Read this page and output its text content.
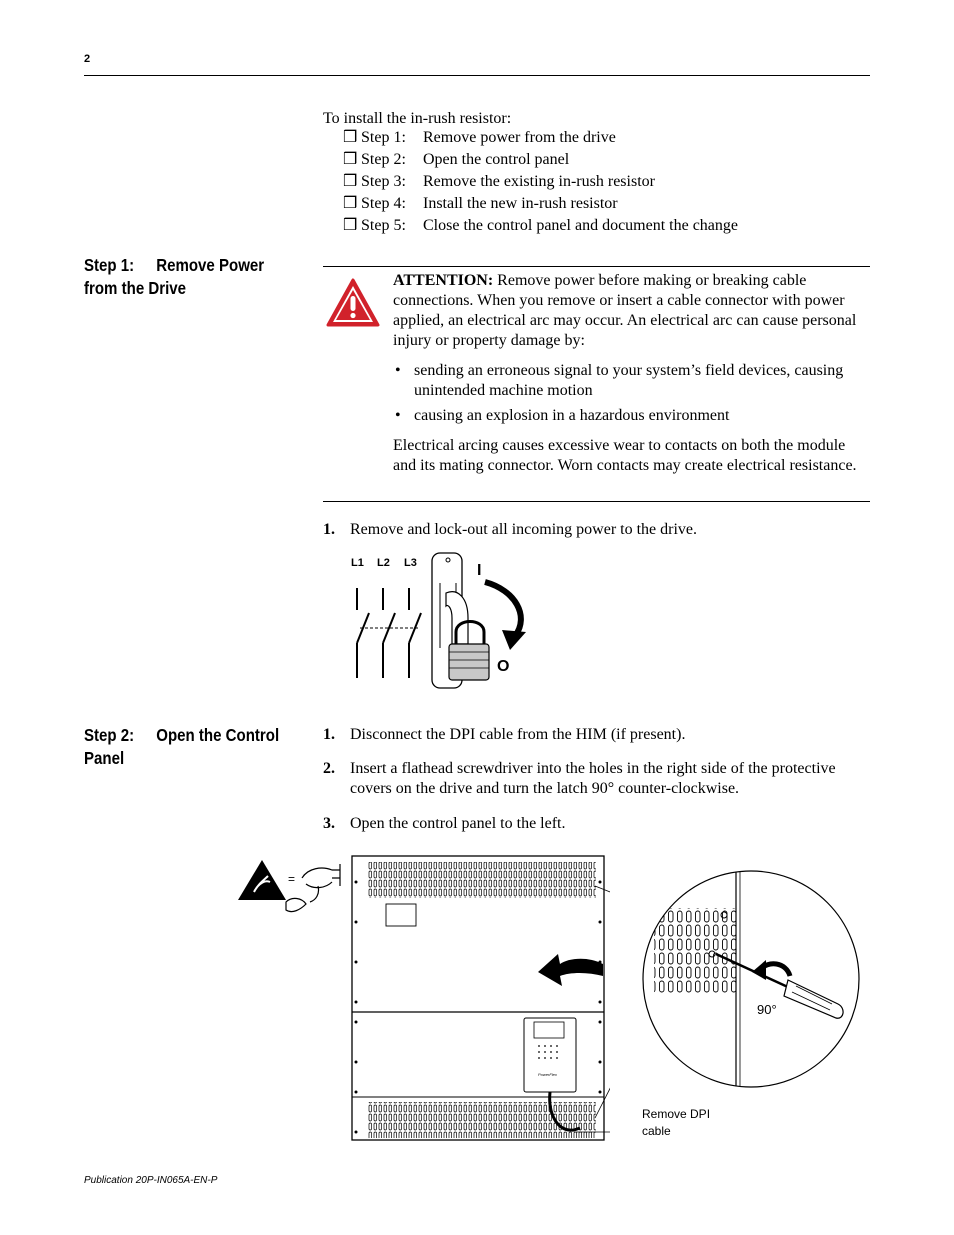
2
To install the in-rush resistor:
❒ Step 1:	Remove power from the drive
❒ Step 2:	Open the control panel
❒ Step 3:	Remove the existing in-rush resistor
❒ Step 4:	Install the new in-rush resistor
❒ Step 5:	Close the control panel and document the change
Step 1: Remove Power
from the Drive	ATTENTION: Remove power before making or breaking cable connections. When you remove or insert a cable connector with power applied, an electrical arc may occur. An electrical arc can cause personal injury or property damage by:

• sending an erroneous signal to your system’s field devices, causing unintended machine motion
• causing an explosion in a hazardous environment

Electrical arcing causes excessive wear to contacts on both the module and its mating connector. Worn contacts may create electrical resistance.

1. Remove and lock-out all incoming power to the drive.
L1 L2 L3	I
O
Step 2: Open the Control
Panel
1. Disconnect the DPI cable from the HIM (if present).
2. Insert a flathead screwdriver into the holes in the right side of the protective covers on the drive and turn the latch 90° counter-clockwise.
3. Open the control panel to the left.
=
PowerFlex
90°
Remove DPI
cable
Publication 20P-IN065A-EN-P
